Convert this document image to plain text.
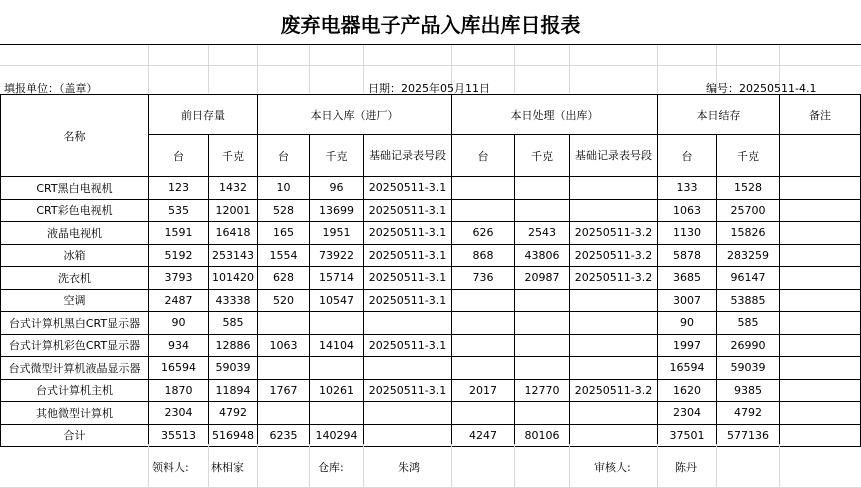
废弃电器电子产品入库出库日报表
填报单位：（盖章）	日期：2025年05月11日	编号：20250511-4.1
名称	前日存量		本日入库（进厂）			本日处理（出库）			本日结存		备注
	台	千克	台	千克	基础记录表号段	台	千克	基础记录表号段	台	千克	
CRT黑白电视机	123	1432	10	96	20250511-3.1				133	1528	
CRT彩色电视机	535	12001	528	13699	20250511-3.1				1063	25700	
液晶电视机	1591	16418	165	1951	20250511-3.1	626	2543	20250511-3.2	1130	15826	
冰箱	5192	253143	1554	73922	20250511-3.1	868	43806	20250511-3.2	5878	283259	
洗衣机	3793	101420	628	15714	20250511-3.1	736	20987	20250511-3.2	3685	96147	
空调	2487	43338	520	10547	20250511-3.1				3007	53885	
台式计算机黑白CRT显示器	90	585							90	585	
台式计算机彩色CRT显示器	934	12886	1063	14104	20250511-3.1				1997	26990	
台式微型计算机液晶显示器	16594	59039							16594	59039	
台式计算机主机	1870	11894	1767	10261	20250511-3.1	2017	12770	20250511-3.2	1620	9385	
其他微型计算机	2304	4792							2304	4792	
合计	35513	516948	6235	140294		4247	80106		37501	577136	
领料人: 林相家	仓库:	朱鸿	审核人:	陈丹
